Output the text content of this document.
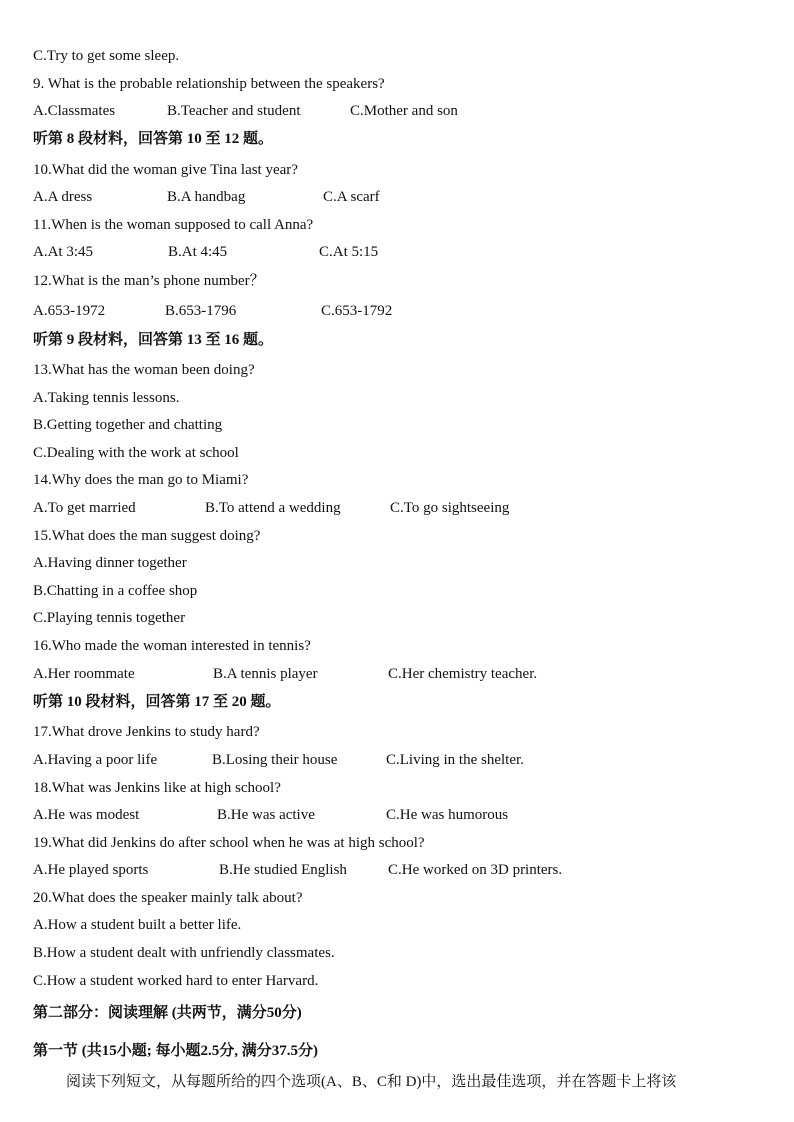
C.Try to get some sleep.
9. What is the probable relationship between the speakers?
A.Classmates	B.Teacher and student	C.Mother and son
听第 8 段材料，回答第 10 至 12 题。
10.What did the woman give Tina last year?
A.A dress	B.A handbag	C.A scarf
11.When is the woman supposed to call Anna?
A.At 3:45	B.At 4:45	C.At 5:15
12.What is the man’s phone number？
A.653-1972	B.653-1796	C.653-1792
听第 9 段材料，回答第 13 至 16 题。
13.What has the woman been doing?
A.Taking tennis lessons.
B.Getting together and chatting
C.Dealing with the work at school
14.Why does the man go to Miami?
A.To get married	B.To attend a wedding	C.To go sightseeing
15.What does the man suggest doing?
A.Having dinner together
B.Chatting in a coffee shop
C.Playing tennis together
16.Who made the woman interested in tennis?
A.Her roommate	B.A tennis player	C.Her chemistry teacher.
听第 10 段材料，回答第 17 至 20 题。
17.What drove Jenkins to study hard?
A.Having a poor life	B.Losing their house	C.Living in the shelter.
18.What was Jenkins like at high school?
A.He was modest	B.He was active	C.He was humorous
19.What did Jenkins do after school when he was at high school?
A.He played sports	B.He studied English	C.He worked on 3D printers.
20.What does the speaker mainly talk about?
A.How a student built a better life.
B.How a student dealt with unfriendly classmates.
C.How a student worked hard to enter Harvard.
第二部分：阅读理解 (共两节，满分50分)
第一节 (共15小题; 每小题2.5分, 满分37.5分)
阅读下列短文，从每题所给的四个选项(A、B、C和 D)中，选出最佳选项，并在答题卡上将该
